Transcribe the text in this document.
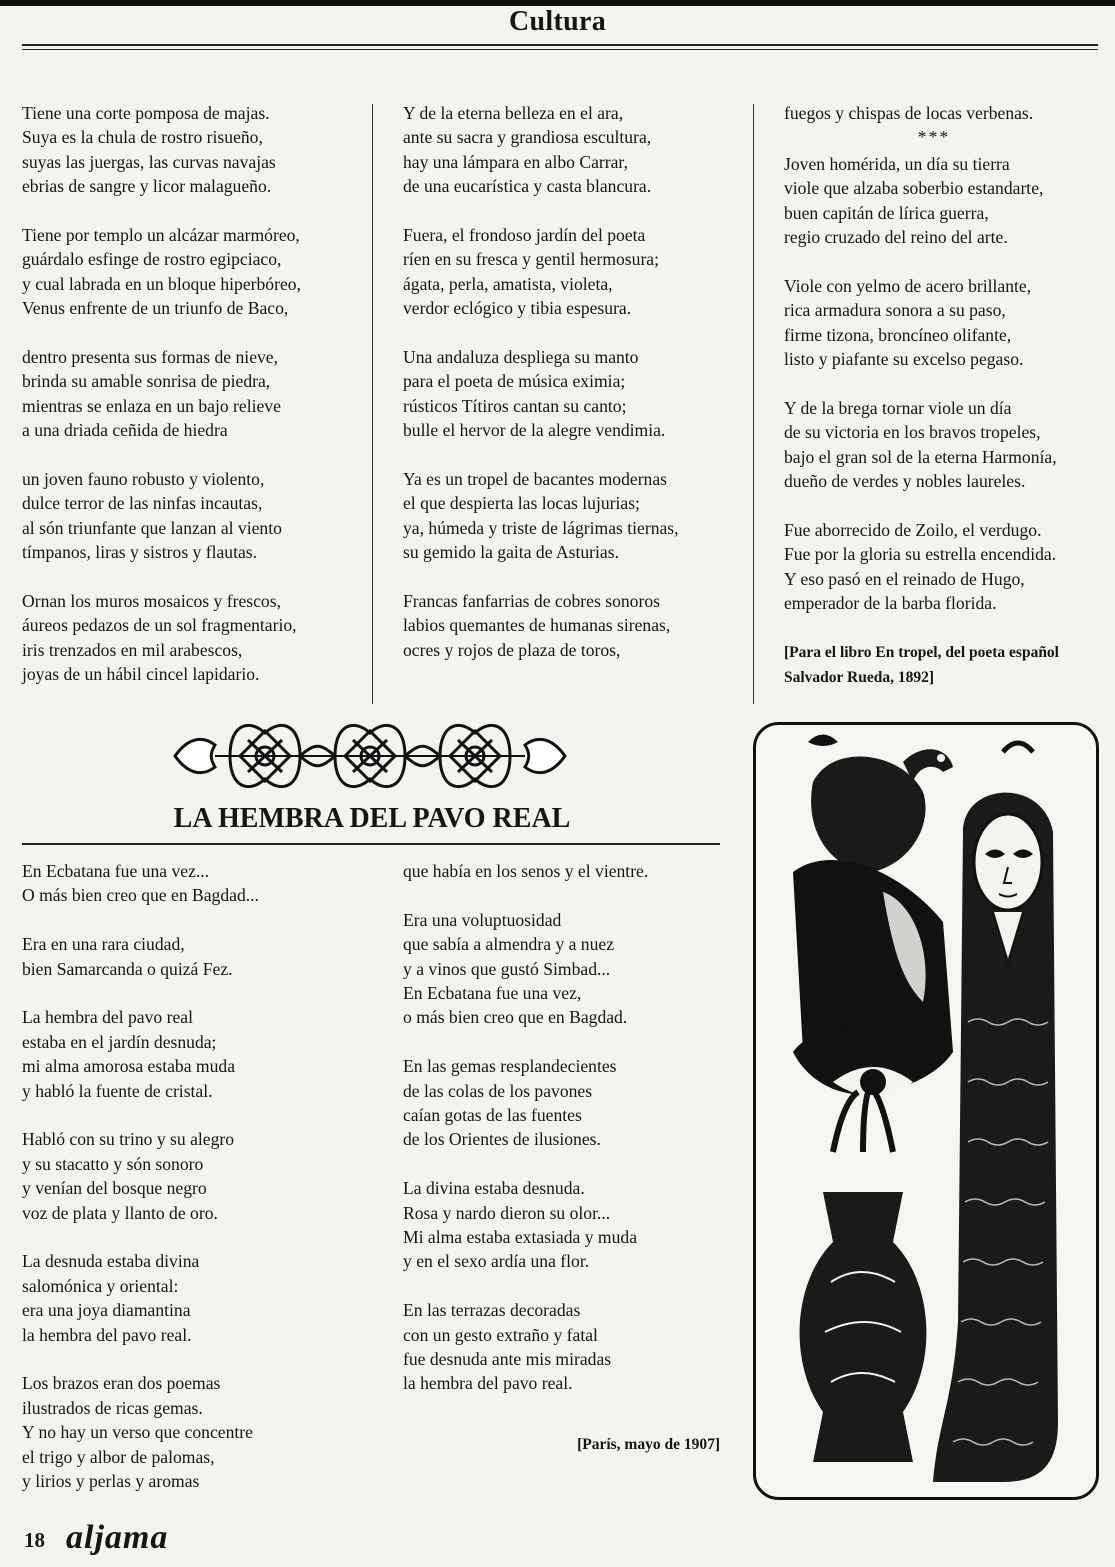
Cultura
Tiene una corte pomposa de majas.
Suya es la chula de rostro risueño,
suyas las juergas, las curvas navajas
ebrias de sangre y licor malagueño.
Tiene por templo un alcázar marmóreo,
guárdalo esfinge de rostro egipciaco,
y cual labrada en un bloque hiperbóreo,
Venus enfrente de un triunfo de Baco,
dentro presenta sus formas de nieve,
brinda su amable sonrisa de piedra,
mientras se enlaza en un bajo relieve
a una driada ceñida de hiedra
un joven fauno robusto y violento,
dulce terror de las ninfas incautas,
al són triunfante que lanzan al viento
tímpanos, liras y sistros y flautas.
Ornan los muros mosaicos y frescos,
áureos pedazos de un sol fragmentario,
iris trenzados en mil arabescos,
joyas de un hábil cincel lapidario.
Y de la eterna belleza en el ara,
ante su sacra y grandiosa escultura,
hay una lámpara en albo Carrar,
de una eucarística y casta blancura.
Fuera, el frondoso jardín del poeta
ríen en su fresca y gentil hermosura;
ágata, perla, amatista, violeta,
verdor eclógico y tibia espesura.
Una andaluza despliega su manto
para el poeta de música eximia;
rústicos Títiros cantan su canto;
bulle el hervor de la alegre vendimia.
Ya es un tropel de bacantes modernas
el que despierta las locas lujurias;
ya, húmeda y triste de lágrimas tiernas,
su gemido la gaita de Asturias.
Francas fanfarrias de cobres sonoros
labios quemantes de humanas sirenas,
ocres y rojos de plaza de toros,
fuegos y chispas de locas verbenas.
***
Joven homérida, un día su tierra
viole que alzaba soberbio estandarte,
buen capitán de lírica guerra,
regio cruzado del reino del arte.
Viole con yelmo de acero brillante,
rica armadura sonora a su paso,
firme tizona, broncíneo olifante,
listo y piafante su excelso pegaso.
Y de la brega tornar viole un día
de su victoria en los bravos tropeles,
bajo el gran sol de la eterna Harmonía,
dueño de verdes y nobles laureles.
Fue aborrecido de Zoilo, el verdugo.
Fue por la gloria su estrella encendida.
Y eso pasó en el reinado de Hugo,
emperador de la barba florida.
[Para el libro En tropel, del poeta español
Salvador Rueda, 1892]
LA HEMBRA DEL PAVO REAL
En Ecbatana fue una vez...
O más bien creo que en Bagdad...
Era en una rara ciudad,
bien Samarcanda o quizá Fez.
La hembra del pavo real
estaba en el jardín desnuda;
mi alma amorosa estaba muda
y habló la fuente de cristal.
Habló con su trino y su alegro
y su stacatto y són sonoro
y venían del bosque negro
voz de plata y llanto de oro.
La desnuda estaba divina
salomónica y oriental:
era una joya diamantina
la hembra del pavo real.
Los brazos eran dos poemas
ilustrados de ricas gemas.
Y no hay un verso que concentre
el trigo y albor de palomas,
y lirios y perlas y aromas
que había en los senos y el vientre.
Era una voluptuosidad
que sabía a almendra y a nuez
y a vinos que gustó Simbad...
En Ecbatana fue una vez,
o más bien creo que en Bagdad.
En las gemas resplandecientes
de las colas de los pavones
caían gotas de las fuentes
de los Orientes de ilusiones.
La divina estaba desnuda.
Rosa y nardo dieron su olor...
Mi alma estaba extasiada y muda
y en el sexo ardía una flor.
En las terrazas decoradas
con un gesto extraño y fatal
fue desnuda ante mis miradas
la hembra del pavo real.
[París, mayo de 1907]
18 aljama
